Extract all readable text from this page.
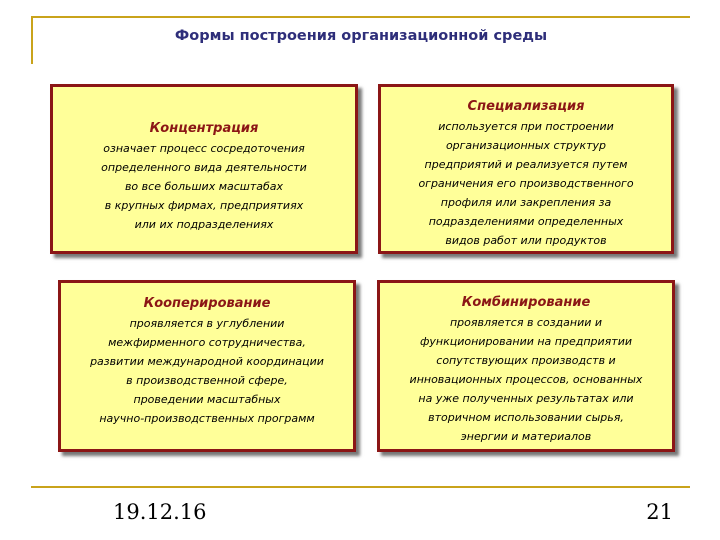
Формы построения организационной среды
Концентрация
означает процесс сосредоточения
определенного вида деятельности
во все больших масштабах
в крупных фирмах, предприятиях
или их подразделениях
Специализация
используется при построении
организационных структур
предприятий и реализуется путем
ограничения его производственного
профиля или закрепления за
подразделениями определенных
видов работ или продуктов
Кооперирование
проявляется в углублении
межфирменного сотрудничества,
развитии международной координации
в производственной сфере,
проведении масштабных
научно-производственных программ
Комбинирование
проявляется в создании и
функционировании на предприятии
сопутствующих производств и
инновационных процессов, основанных
на уже полученных результатах или
вторичном использовании сырья,
энергии и материалов
19.12.16	21
